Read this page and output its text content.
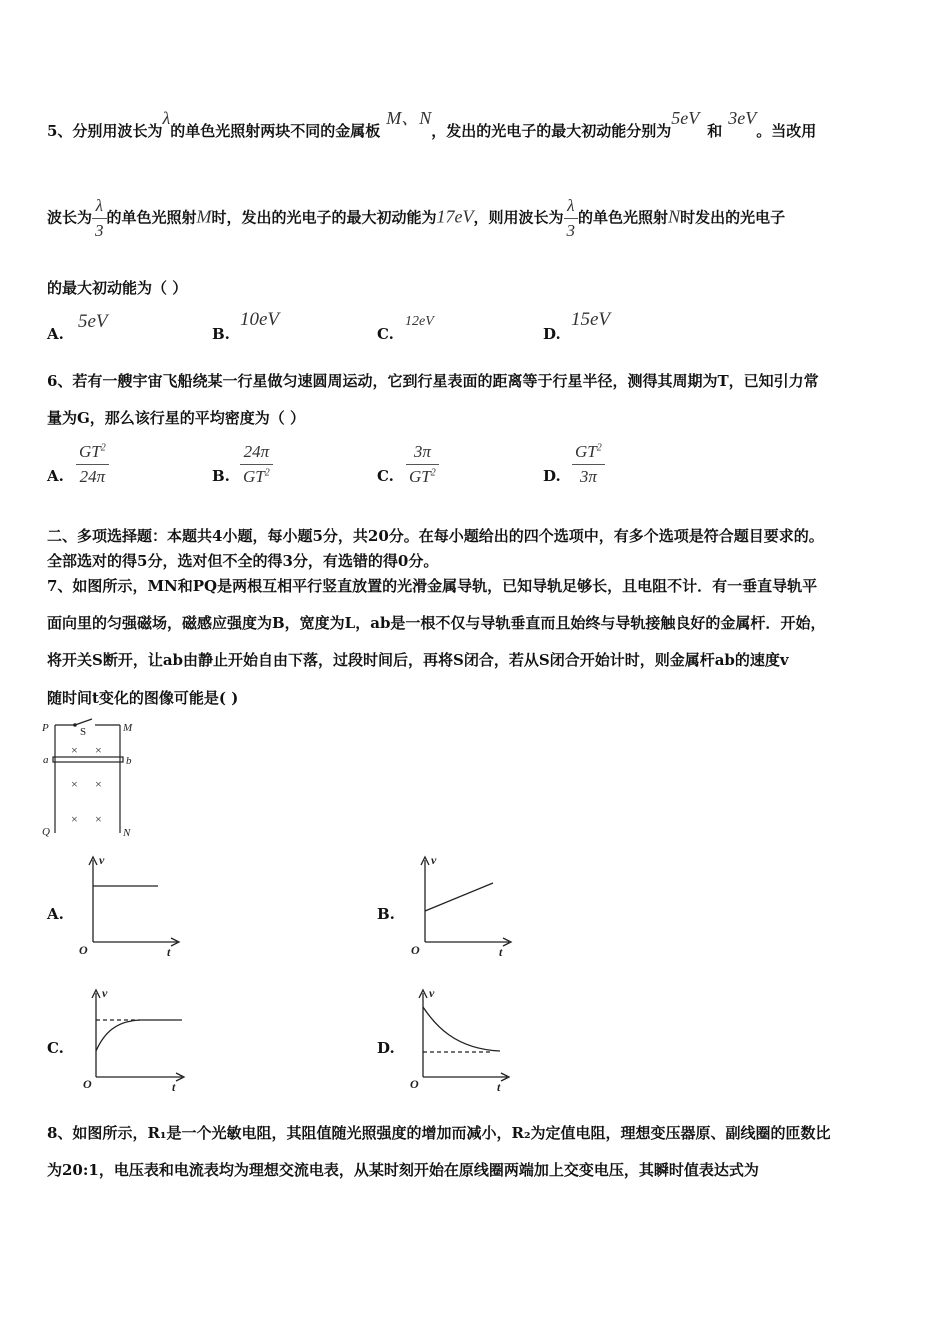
5、分别用波长为λ的单色光照射两块不同的金属板M、N，发出的光电子的最大初动能分别为5eV和3eV。当改用
波长为 $\frac{\lambda}{3}$ 的单色光照射M时，发出的光电子的最大初动能为17eV，则用波长为 $\frac{\lambda}{3}$ 的单色光照射N时发出的光电子
的最大初动能为（ ）
A.
5eV
B.
10eV
C.
12eV
D.
15eV
6、若有一艘宇宙飞船绕某一行星做匀速圆周运动，它到行星表面的距离等于行星半径，测得其周期为T，已知引力常
量为G，那么该行星的平均密度为（ ）
A. $\frac{GT^2}{24\pi}$	B. $\frac{24\pi}{GT^2}$	C. $\frac{3\pi}{GT^2}$	D. $\frac{GT^2}{3\pi}$
二、多项选择题：本题共4小题，每小题5分，共20分。在每小题给出的四个选项中，有多个选项是符合题目要求的。
全部选对的得5分，选对但不全的得3分，有选错的得0分。
7、如图所示，MN和PQ是两根互相平行竖直放置的光滑金属导轨，已知导轨足够长，且电阻不计．有一垂直导轨平
面向里的匀强磁场，磁感应强度为B，宽度为L，ab是一根不仅与导轨垂直而且始终与导轨接触良好的金属杆．开始，
将开关S断开，让ab由静止开始自由下落，过段时间后，再将S闭合，若从S闭合开始计时，则金属杆ab的速度v
随时间t变化的图像可能是( )
P	M
a	b
Q	N
S
× ×
× ×
× ×
A.
v
O	t
B.
v
O	t
C.
v
O	t
D.
v
O	t
8、如图所示，R₁是一个光敏电阻，其阻值随光照强度的增加而减小，R₂为定值电阻，理想变压器原、副线圈的匝数比
为20:1，电压表和电流表均为理想交流电表，从某时刻开始在原线圈两端加上交变电压，其瞬时值表达式为
